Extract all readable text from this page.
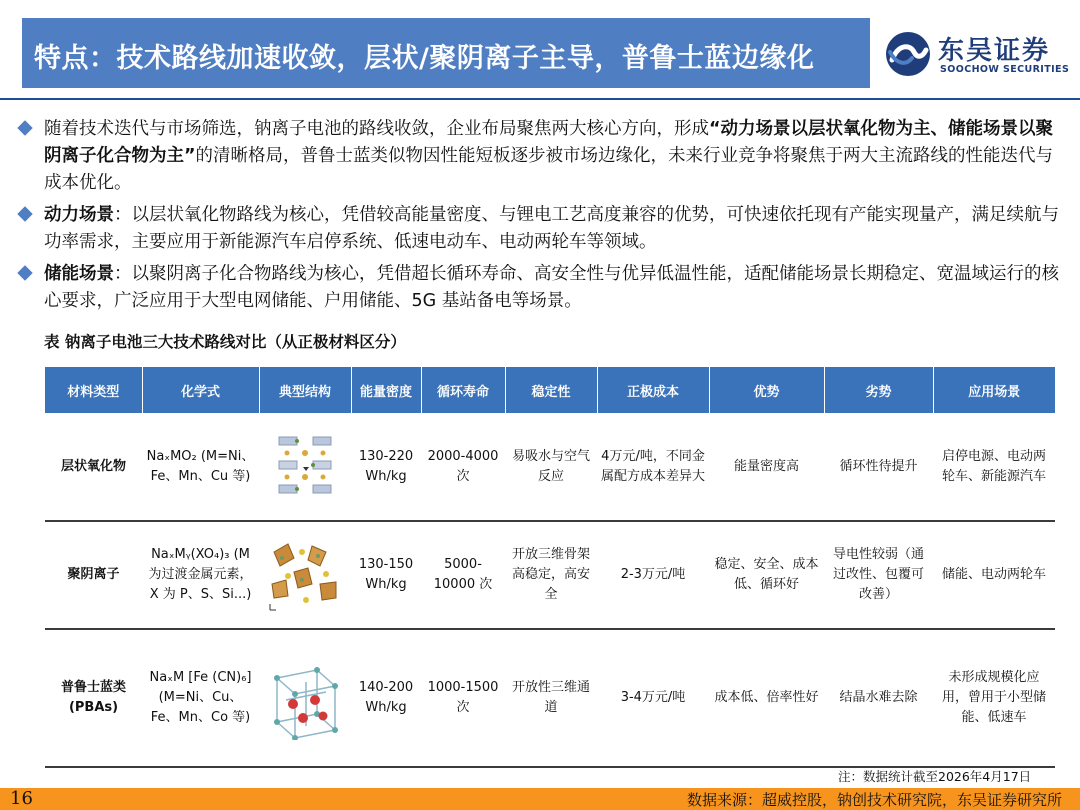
特点：技术路线加速收敛，层状/聚阴离子主导，普鲁士蓝边缘化	东吴证券
SOOCHOW SECURITIES
随着技术迭代与市场筛选，钠离子电池的路线收敛，企业布局聚焦两大核心方向，形成“动力场景以层状氧化物为主、储能场景以聚阴离子化合物为主”的清晰格局，普鲁士蓝类似物因性能短板逐步被市场边缘化，未来行业竞争将聚焦于两大主流路线的性能迭代与成本优化。
动力场景：以层状氧化物路线为核心，凭借较高能量密度、与锂电工艺高度兼容的优势，可快速依托现有产能实现量产，满足续航与功率需求，主要应用于新能源汽车启停系统、低速电动车、电动两轮车等领域。
储能场景：以聚阴离子化合物路线为核心，凭借超长循环寿命、高安全性与优异低温性能，适配储能场景长期稳定、宽温域运行的核心要求，广泛应用于大型电网储能、户用储能、5G 基站备电等场景。
表 钠离子电池三大技术路线对比（从正极材料区分）
材料类型	化学式	典型结构	能量密度	循环寿命	稳定性	正极成本	优势	劣势	应用场景
层状氧化物	NaₓMO₂ (M=Ni、Fe、Mn、Cu 等)		130-220 Wh/kg	2000-4000 次	易吸水与空气反应	4万元/吨，不同金属配方成本差异大	能量密度高	循环性待提升	启停电源、电动两轮车、新能源汽车
聚阴离子	NaₓMᵧ(XO₄)₃ (M 为过渡金属元素，X 为 P、S、Si...)		130-150 Wh/kg	5000-10000 次	开放三维骨架高稳定，高安全	2-3万元/吨	稳定、安全、成本低、循环好	导电性较弱（通过改性、包覆可改善）	储能、电动两轮车
普鲁士蓝类 (PBAs)	NaₓM [Fe (CN)₆] (M=Ni、Cu、Fe、Mn、Co 等)		140-200 Wh/kg	1000-1500 次	开放性三维通道	3-4万元/吨	成本低、倍率性好	结晶水难去除	未形成规模化应用，曾用于小型储能、低速车
注：数据统计截至2026年4月17日
16	数据来源：超威控股，钠创技术研究院，东吴证券研究所
